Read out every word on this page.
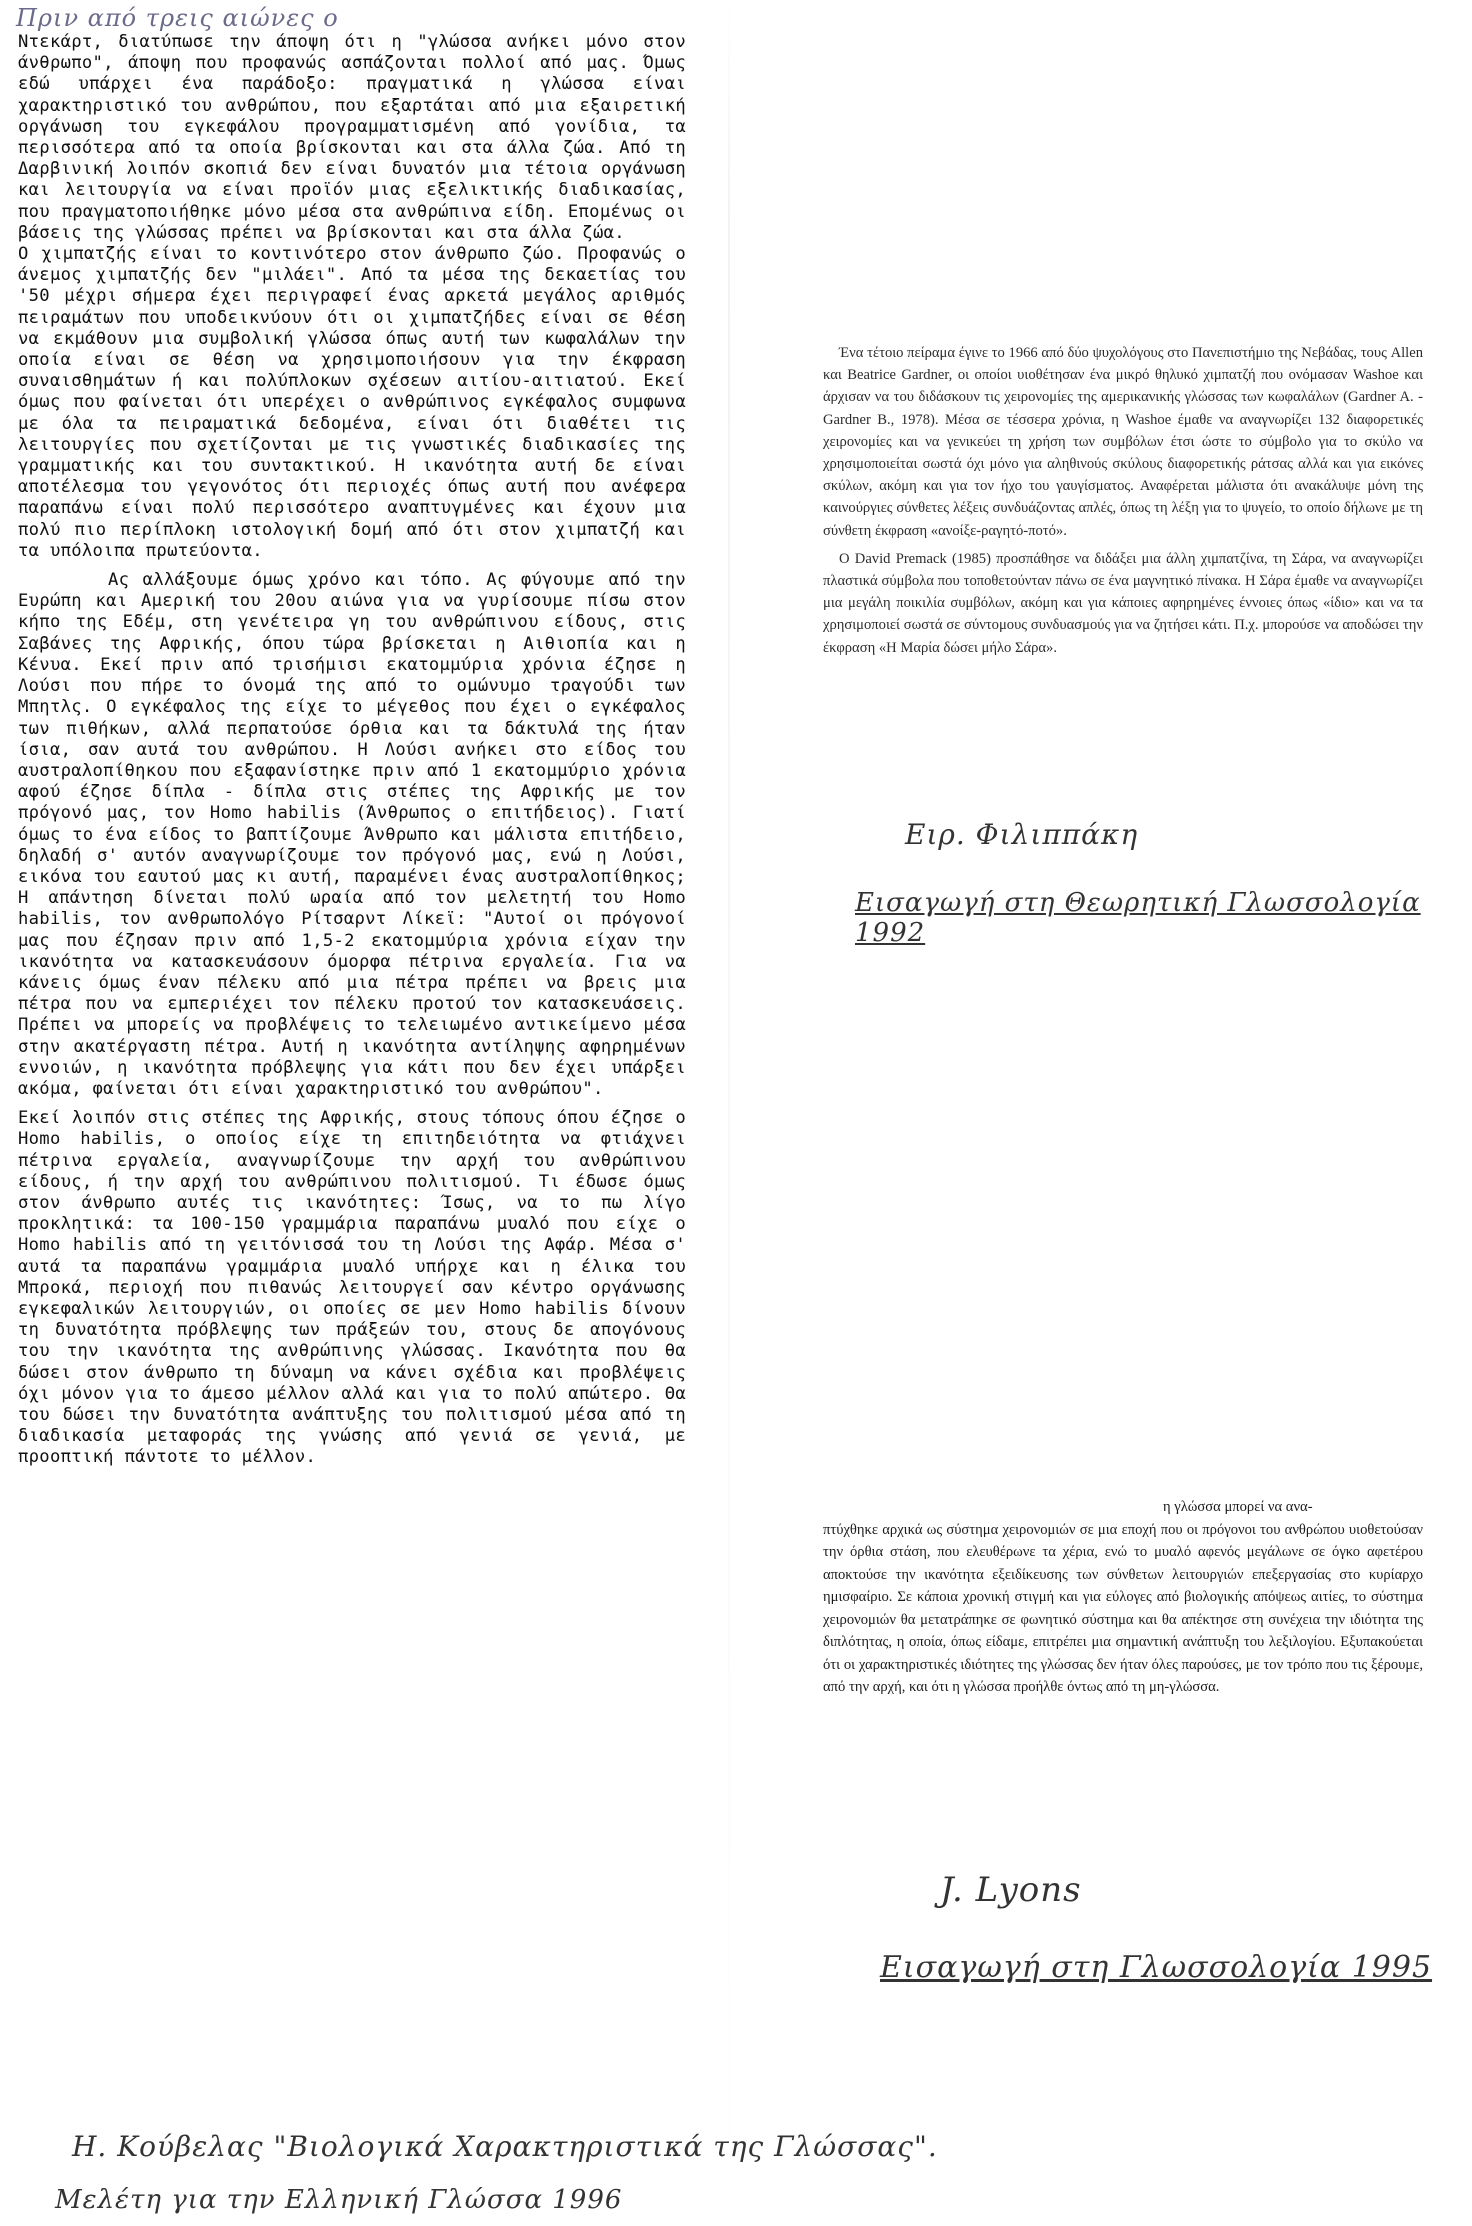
Πριν από τρεις αιώνες ο

Ντεκάρτ, διατύπωσε την άποψη ότι η "γλώσσα ανήκει μόνο στον άνθρωπο", άποψη που προφανώς ασπάζονται πολλοί από μας. Όμως εδώ υπάρχει ένα παράδοξο: πραγματικά η γλώσσα είναι χαρακτηριστικό του ανθρώπου, που εξαρτάται από μια εξαιρετική οργάνωση του εγκεφάλου προγραμματισμένη από γονίδια, τα περισσότερα από τα οποία βρίσκονται και στα άλλα ζώα. Από τη Δαρβινική λοιπόν σκοπιά δεν είναι δυνατόν μια τέτοια οργάνωση και λειτουργία να είναι προϊόν μιας εξελικτικής διαδικασίας, που πραγματοποιήθηκε μόνο μέσα στα ανθρώπινα είδη. Επομένως οι βάσεις της γλώσσας πρέπει να βρίσκονται και στα άλλα ζώα.

Ο χιμπατζής είναι το κοντινότερο στον άνθρωπο ζώο. Προφανώς ο άνεμος χιμπατζής δεν "μιλάει". Από τα μέσα της δεκαετίας του '50 μέχρι σήμερα έχει περιγραφεί ένας αρκετά μεγάλος αριθμός πειραμάτων που υποδεικνύουν ότι οι χιμπατζήδες είναι σε θέση να εκμάθουν μια συμβολική γλώσσα όπως αυτή των κωφαλάλων την οποία είναι σε θέση να χρησιμοποιήσουν για την έκφραση συναισθημάτων ή και πολύπλοκων σχέσεων αιτίου-αιτιατού. Εκεί όμως που φαίνεται ότι υπερέχει ο ανθρώπινος εγκέφαλος συμφωνα με όλα τα πειραματικά δεδομένα, είναι ότι διαθέτει τις λειτουργίες που σχετίζονται με τις γνωστικές διαδικασίες της γραμματικής και του συντακτικού. Η ικανότητα αυτή δε είναι αποτέλεσμα του γεγονότος ότι περιοχές όπως αυτή που ανέφερα παραπάνω είναι πολύ περισσότερο αναπτυγμένες και έχουν μια πολύ πιο περίπλοκη ιστολογική δομή από ότι στον χιμπατζή και τα υπόλοιπα πρωτεύοντα.

Ας αλλάξουμε όμως χρόνο και τόπο. Ας φύγουμε από την Ευρώπη και Αμερική του 20ου αιώνα για να γυρίσουμε πίσω στον κήπο της Εδέμ, στη γενέτειρα γη του ανθρώπινου είδους, στις Σαβάνες της Αφρικής, όπου τώρα βρίσκεται η Αιθιοπία και η Κένυα. Εκεί πριν από τρισήμισι εκατομμύρια χρόνια έζησε η Λούσι που πήρε το όνομά της από το ομώνυμο τραγούδι των Μπητλς. Ο εγκέφαλος της είχε το μέγεθος που έχει ο εγκέφαλος των πιθήκων, αλλά περπατούσε όρθια και τα δάκτυλά της ήταν ίσια, σαν αυτά του ανθρώπου. Η Λούσι ανήκει στο είδος του αυστραλοπίθηκου που εξαφανίστηκε πριν από 1 εκατομμύριο χρόνια αφού έζησε δίπλα - δίπλα στις στέπες της Αφρικής με τον πρόγονό μας, τον Homo habilis (Άνθρωπος ο επιτήδειος). Γιατί όμως το ένα είδος το βαπτίζουμε Άνθρωπο και μάλιστα επιτήδειο, δηλαδή σ' αυτόν αναγνωρίζουμε τον πρόγονό μας, ενώ η Λούσι, εικόνα του εαυτού μας κι αυτή, παραμένει ένας αυστραλοπίθηκος; Η απάντηση δίνεται πολύ ωραία από τον μελετητή του Homo habilis, τον ανθρωπολόγο Ρίτσαρντ Λίκεϊ: "Αυτοί οι πρόγονοί μας που έζησαν πριν από 1,5-2 εκατομμύρια χρόνια είχαν την ικανότητα να κατασκευάσουν όμορφα πέτρινα εργαλεία. Για να κάνεις όμως έναν πέλεκυ από μια πέτρα πρέπει να βρεις μια πέτρα που να εμπεριέχει τον πέλεκυ προτού τον κατασκευάσεις. Πρέπει να μπορείς να προβλέψεις το τελειωμένο αντικείμενο μέσα στην ακατέργαστη πέτρα. Αυτή η ικανότητα αντίληψης αφηρημένων εννοιών, η ικανότητα πρόβλεψης για κάτι που δεν έχει υπάρξει ακόμα, φαίνεται ότι είναι χαρακτηριστικό του ανθρώπου".

Εκεί λοιπόν στις στέπες της Αφρικής, στους τόπους όπου έζησε ο Homo habilis, ο οποίος είχε τη επιτηδειότητα να φτιάχνει πέτρινα εργαλεία, αναγνωρίζουμε την αρχή του ανθρώπινου είδους, ή την αρχή του ανθρώπινου πολιτισμού. Τι έδωσε όμως στον άνθρωπο αυτές τις ικανότητες: Ίσως, να το πω λίγο προκλητικά: τα 100-150 γραμμάρια παραπάνω μυαλό που είχε ο Homo habilis από τη γειτόνισσά του τη Λούσι της Αφάρ. Μέσα σ' αυτά τα παραπάνω γραμμάρια μυαλό υπήρχε και η έλικα του Μπροκά, περιοχή που πιθανώς λειτουργεί σαν κέντρο οργάνωσης εγκεφαλικών λειτουργιών, οι οποίες σε μεν Homo habilis δίνουν τη δυνατότητα πρόβλεψης των πράξεών του, στους δε απογόνους του την ικανότητα της ανθρώπινης γλώσσας. Ικανότητα που θα δώσει στον άνθρωπο τη δύναμη να κάνει σχέδια και προβλέψεις όχι μόνον για το άμεσο μέλλον αλλά και για το πολύ απώτερο. Θα του δώσει την δυνατότητα ανάπτυξης του πολιτισμού μέσα από τη διαδικασία μεταφοράς της γνώσης από γενιά σε γενιά, με προοπτική πάντοτε το μέλλον.

Ένα τέτοιο πείραμα έγινε το 1966 από δύο ψυχολόγους στο Πανεπιστήμιο της Νεβάδας, τους Allen και Beatrice Gardner, οι οποίοι υιοθέτησαν ένα μικρό θηλυκό χιμπατζή που ονόμασαν Washoe και άρχισαν να του διδάσκουν τις χειρονομίες της αμερικανικής γλώσσας των κωφαλάλων (Gardner A. - Gardner B., 1978). Μέσα σε τέσσερα χρόνια, η Washoe έμαθε να αναγνωρίζει 132 διαφορετικές χειρονομίες και να γενικεύει τη χρήση των συμβόλων έτσι ώστε το σύμβολο για το σκύλο να χρησιμοποιείται σωστά όχι μόνο για αληθινούς σκύλους διαφορετικής ράτσας αλλά και για εικόνες σκύλων, ακόμη και για τον ήχο του γαυγίσματος. Αναφέρεται μάλιστα ότι ανακάλυψε μόνη της καινούργιες σύνθετες λέξεις συνδυάζοντας απλές, όπως τη λέξη για το ψυγείο, το οποίο δήλωνε με τη σύνθετη έκφραση «ανοίξε-ραγητό-ποτό».

Ο David Premack (1985) προσπάθησε να διδάξει μια άλλη χιμπατζίνα, τη Σάρα, να αναγνωρίζει πλαστικά σύμβολα που τοποθετούνταν πάνω σε ένα μαγνητικό πίνακα. Η Σάρα έμαθε να αναγνωρίζει μια μεγάλη ποικιλία συμβόλων, ακόμη και για κάποιες αφηρημένες έννοιες όπως «ίδιο» και να τα χρησιμοποιεί σωστά σε σύντομους συνδυασμούς για να ζητήσει κάτι. Π.χ. μπορούσε να αποδώσει την έκφραση «Η Μαρία δώσει μήλο Σάρα».

Ειρ. Φιλιππάκη
Εισαγωγή στη Θεωρητική Γλωσσολογία 1992
η γλώσσα μπορεί να ανα-
πτύχθηκε αρχικά ως σύστημα χειρονομιών σε μια εποχή που οι πρόγονοι του ανθρώπου υιοθετούσαν την όρθια στάση, που ελευθέρωνε τα χέρια, ενώ το μυαλό αφενός μεγάλωνε σε όγκο αφετέρου αποκτούσε την ικανότητα εξειδίκευσης των σύνθετων λειτουργιών επεξεργασίας στο κυρίαρχο ημισφαίριο. Σε κάποια χρονική στιγμή και για εύλογες από βιολογικής απόψεως αιτίες, το σύστημα χειρονομιών θα μετατράπηκε σε φωνητικό σύστημα και θα απέκτησε στη συνέχεια την ιδιότητα της διπλότητας, η οποία, όπως είδαμε, επιτρέπει μια σημαντική ανάπτυξη του λεξιλογίου. Εξυπακούεται ότι οι χαρακτηριστικές ιδιότητες της γλώσσας δεν ήταν όλες παρούσες, με τον τρόπο που τις ξέρουμε, από την αρχή, και ότι η γλώσσα προήλθε όντως από τη μη-γλώσσα.
J. Lyons
Εισαγωγή στη Γλωσσολογία 1995
Η. Κούβελας "Βιολογικά Χαρακτηριστικά της Γλώσσας".
Μελέτη για την Ελληνική Γλώσσα 1996
